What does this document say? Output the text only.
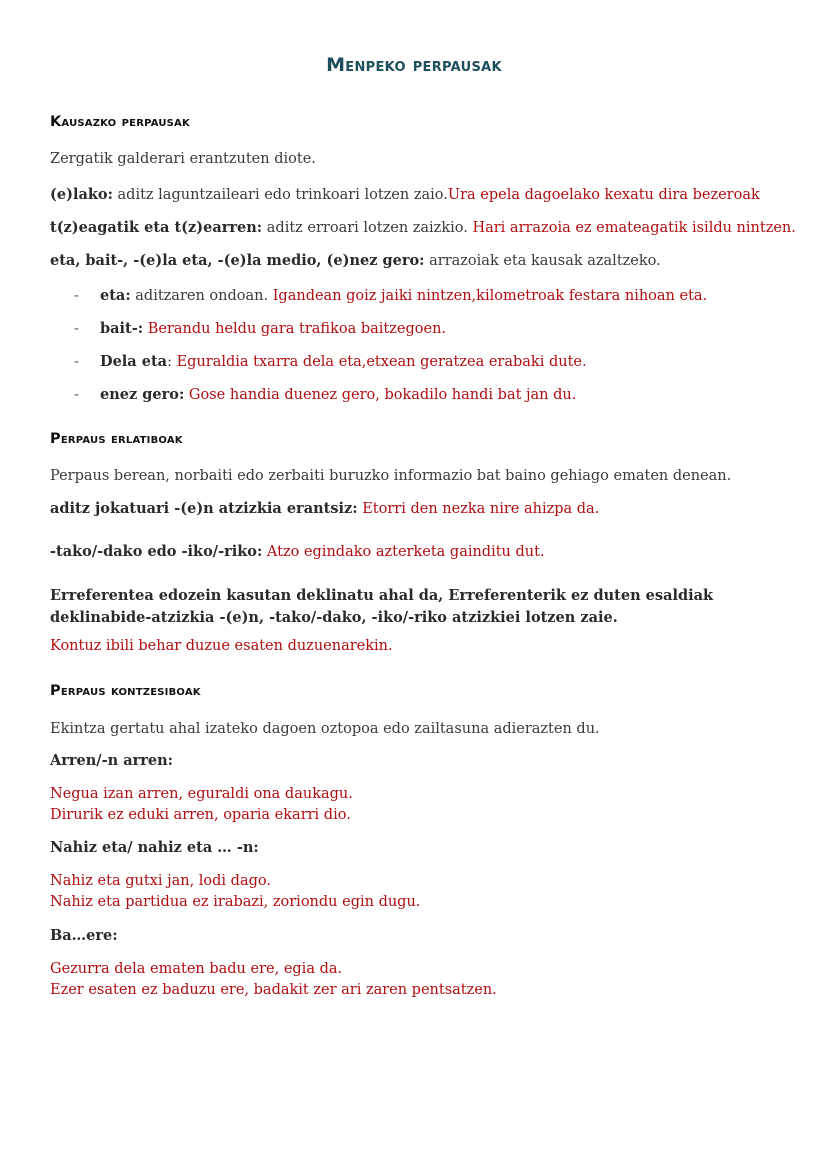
Menpeko perpausak
Kausazko perpausak
Zergatik galderari erantzuten diote.
(e)lako: aditz laguntzaileari edo trinkoari lotzen zaio.Ura epela dagoelako kexatu dira bezeroak
t(z)eagatik eta t(z)earren: aditz erroari lotzen zaizkio. Hari arrazoia ez emateagatik isildu nintzen.
eta, bait-, -(e)la eta, -(e)la medio, (e)nez gero: arrazoiak eta kausak azaltzeko.
- eta: aditzaren ondoan. Igandean goiz jaiki nintzen,kilometroak festara nihoan eta.
- bait-: Berandu heldu gara trafikoa baitzegoen.
- Dela eta: Eguraldia txarra dela eta,etxean geratzea erabaki dute.
- enez gero: Gose handia duenez gero, bokadilo handi bat jan du.
Perpaus erlatiboak
Perpaus berean, norbaiti edo zerbaiti buruzko informazio bat baino gehiago ematen denean.
aditz jokatuari -(e)n atzizkia erantsiz: Etorri den nezka nire ahizpa da.
-tako/-dako edo -iko/-riko: Atzo egindako azterketa gainditu dut.
Erreferentea edozein kasutan deklinatu ahal da, Erreferenterik ez duten esaldiak deklinabide-atzizkia -(e)n, -tako/-dako, -iko/-riko atzizkiei lotzen zaie.
Kontuz ibili behar duzue esaten duzuenarekin.
Perpaus kontzesiboak
Ekintza gertatu ahal izateko dagoen oztopoa edo zailtasuna adierazten du.
Arren/-n arren:
Negua izan arren, eguraldi ona daukagu.
Dirurik ez eduki arren, oparia ekarri dio.
Nahiz eta/ nahiz eta … -n:
Nahiz eta gutxi jan, lodi dago.
Nahiz eta partidua ez irabazi, zoriondu egin dugu.
Ba…ere:
Gezurra dela ematen badu ere, egia da.
Ezer esaten ez baduzu ere, badakit zer ari zaren pentsatzen.
